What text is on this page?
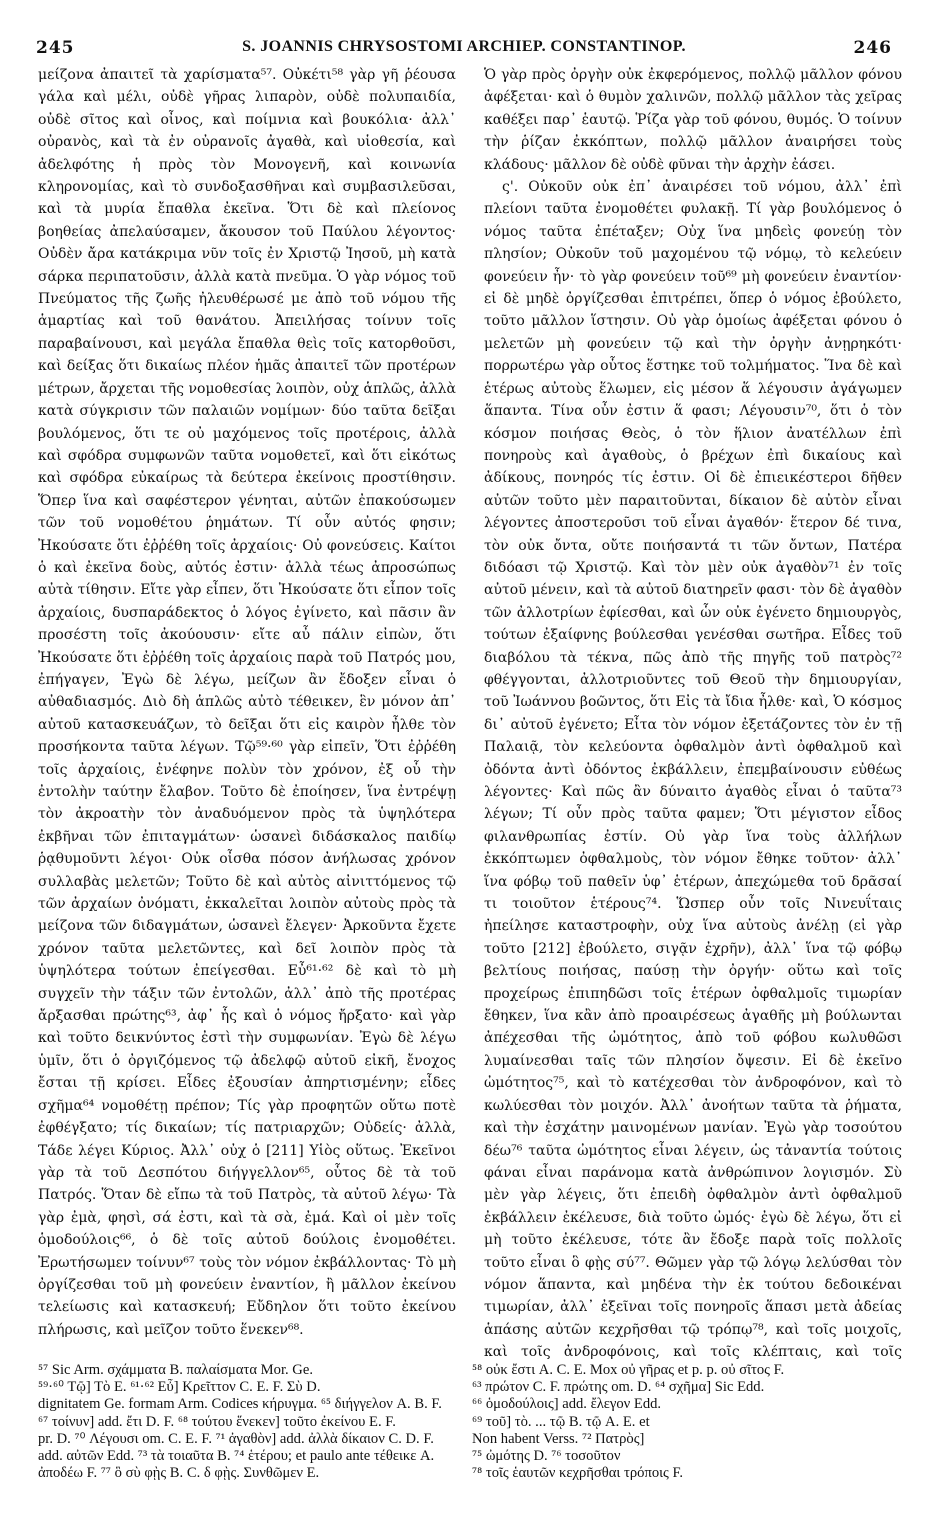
245	S. JOANNIS CHRYSOSTOMI ARCHIEP. CONSTANTINOP.	246

μείζονα ἀπαιτεῖ τὰ χαρίσματα⁵⁷. Οὐκέτι⁵⁸ γὰρ γῆ ῥέουσα γάλα καὶ μέλι, οὐδὲ γῆρας λιπαρὸν, οὐδὲ πολυπαιδία, οὐδὲ σῖτος καὶ οἶνος, καὶ ποίμνια καὶ βουκόλια· ἀλλ᾽ οὐρανὸς, καὶ τὰ ἐν οὐρανοῖς ἀγαθὰ, καὶ υἱοθεσία, καὶ ἀδελφότης ἡ πρὸς τὸν Μονογενῆ, καὶ κοινωνία κληρονομίας, καὶ τὸ συνδοξασθῆναι καὶ συμβασιλεῦσαι, καὶ τὰ μυρία ἔπαθλα ἐκεῖνα. Ὅτι δὲ καὶ πλείονος βοηθείας ἀπελαύσαμεν, ἄκουσον τοῦ Παύλου λέγοντος· Οὐδὲν ἄρα κατάκριμα νῦν τοῖς ἐν Χριστῷ Ἰησοῦ, μὴ κατὰ σάρκα περιπατοῦσιν, ἀλλὰ κατὰ πνεῦμα. Ὁ γὰρ νόμος τοῦ Πνεύματος τῆς ζωῆς ἠλευθέρωσέ με ἀπὸ τοῦ νόμου τῆς ἁμαρτίας καὶ τοῦ θανάτου. Ἀπειλήσας τοίνυν τοῖς παραβαίνουσι, καὶ μεγάλα ἔπαθλα θεὶς τοῖς κατορθοῦσι, καὶ δείξας ὅτι δικαίως πλέον ἡμᾶς ἀπαιτεῖ τῶν προτέρων μέτρων, ἄρχεται τῆς νομοθεσίας λοιπὸν, οὐχ ἁπλῶς, ἀλλὰ κατὰ σύγκρισιν τῶν παλαιῶν νομίμων· δύο ταῦτα δεῖξαι βουλόμενος, ὅτι τε οὐ μαχόμενος τοῖς προτέροις, ἀλλὰ καὶ σφόδρα συμφωνῶν ταῦτα νομοθετεῖ, καὶ ὅτι εἰκότως καὶ σφόδρα εὐκαίρως τὰ δεύτερα ἐκείνοις προστίθησιν. Ὅπερ ἵνα καὶ σαφέστερον γένηται, αὐτῶν ἐπακούσωμεν τῶν τοῦ νομοθέτου ῥημάτων. Τί οὖν αὐτός φησιν; Ἠκούσατε ὅτι ἐῤῥέθη τοῖς ἀρχαίοις· Οὐ φονεύσεις. Καίτοι ὁ καὶ ἐκεῖνα δοὺς, αὐτός ἐστιν· ἀλλὰ τέως ἀπροσώπως αὐτὰ τίθησιν. Εἴτε γὰρ εἶπεν, ὅτι Ἠκούσατε ὅτι εἶπον τοῖς ἀρχαίοις, δυσπαράδεκτος ὁ λόγος ἐγίνετο, καὶ πᾶσιν ἂν προσέστη τοῖς ἀκούουσιν· εἴτε αὖ πάλιν εἰπὼν, ὅτι Ἠκούσατε ὅτι ἐῤῥέθη τοῖς ἀρχαίοις παρὰ τοῦ Πατρός μου, ἐπήγαγεν, Ἐγὼ δὲ λέγω, μείζων ἂν ἔδοξεν εἶναι ὁ αὐθαδιασμός. Διὸ δὴ ἁπλῶς αὐτὸ τέθεικεν, ἓν μόνον ἀπ᾽ αὐτοῦ κατασκευάζων, τὸ δεῖξαι ὅτι εἰς καιρὸν ἦλθε τὸν προσήκοντα ταῦτα λέγων. Τῷ⁵⁹·⁶⁰ γὰρ εἰπεῖν, Ὅτι ἐῤῥέθη τοῖς ἀρχαίοις, ἐνέφηνε πολὺν τὸν χρόνον, ἐξ οὗ τὴν ἐντολὴν ταύτην ἔλαβον. Τοῦτο δὲ ἐποίησεν, ἵνα ἐντρέψῃ τὸν ἀκροατὴν τὸν ἀναδυόμενον πρὸς τὰ ὑψηλότερα ἐκβῆναι τῶν ἐπιταγμάτων· ὡσανεὶ διδάσκαλος παιδίῳ ῥᾳθυμοῦντι λέγοι· Οὐκ οἶσθα πόσον ἀνήλωσας χρόνον συλλαβὰς μελετῶν; Τοῦτο δὲ καὶ αὐτὸς αἰνιττόμενος τῷ τῶν ἀρχαίων ὀνόματι, ἐκκαλεῖται λοιπὸν αὐτοὺς πρὸς τὰ μείζονα τῶν διδαγμάτων, ὡσανεὶ ἔλεγεν· Ἀρκοῦντα ἔχετε χρόνον ταῦτα μελετῶντες, καὶ δεῖ λοιπὸν πρὸς τὰ ὑψηλότερα τούτων ἐπείγεσθαι. Εὖ⁶¹·⁶² δὲ καὶ τὸ μὴ συγχεῖν τὴν τάξιν τῶν ἐντολῶν, ἀλλ᾽ ἀπὸ τῆς προτέρας ἄρξασθαι πρώτης⁶³, ἀφ᾽ ἧς καὶ ὁ νόμος ἤρξατο· καὶ γὰρ καὶ τοῦτο δεικνύντος ἐστὶ τὴν συμφωνίαν. Ἐγὼ δὲ λέγω ὑμῖν, ὅτι ὁ ὀργιζόμενος τῷ ἀδελφῷ αὐτοῦ εἰκῆ, ἔνοχος ἔσται τῇ κρίσει. Εἶδες ἐξουσίαν ἀπηρτισμένην; εἶδες σχῆμα⁶⁴ νομοθέτῃ πρέπον; Τίς γὰρ προφητῶν οὕτω ποτὲ ἐφθέγξατο; τίς δικαίων; τίς πατριαρχῶν; Οὐδείς· ἀλλὰ, Τάδε λέγει Κύριος. Ἀλλ᾽ οὐχ ὁ [211] Υἱὸς οὕτως. Ἐκεῖνοι γὰρ τὰ τοῦ Δεσπότου διήγγελλον⁶⁵, οὗτος δὲ τὰ τοῦ Πατρός. Ὅταν δὲ εἴπω τὰ τοῦ Πατρὸς, τὰ αὐτοῦ λέγω· Τὰ γὰρ ἐμὰ, φησὶ, σά ἐστι, καὶ τὰ σὰ, ἐμά. Καὶ οἱ μὲν τοῖς ὁμοδούλοις⁶⁶, ὁ δὲ τοῖς αὐτοῦ δούλοις ἐνομοθέτει. Ἐρωτήσωμεν τοίνυν⁶⁷ τοὺς τὸν νόμον ἐκβάλλοντας· Τὸ μὴ ὀργίζεσθαι τοῦ μὴ φονεύειν ἐναντίον, ἢ μᾶλλον ἐκείνου τελείωσις καὶ κατασκευή; Εὔδηλον ὅτι τοῦτο ἐκείνου πλήρωσις, καὶ μεῖζον τοῦτο ἕνεκεν⁶⁸.

Ὁ γὰρ πρὸς ὀργὴν οὐκ ἐκφερόμενος, πολλῷ μᾶλλον φόνου ἀφέξεται· καὶ ὁ θυμὸν χαλινῶν, πολλῷ μᾶλλον τὰς χεῖρας καθέξει παρ᾽ ἑαυτῷ. Ῥίζα γὰρ τοῦ φόνου, θυμός. Ὁ τοίνυν τὴν ῥίζαν ἐκκόπτων, πολλῷ μᾶλλον ἀναιρήσει τοὺς κλάδους· μᾶλλον δὲ οὐδὲ φῦναι τὴν ἀρχὴν ἐάσει.

ς'. Οὐκοῦν οὐκ ἐπ᾽ ἀναιρέσει τοῦ νόμου, ἀλλ᾽ ἐπὶ πλείονι ταῦτα ἐνομοθέτει φυλακῇ. Τί γὰρ βουλόμενος ὁ νόμος ταῦτα ἐπέταξεν; Οὐχ ἵνα μηδεὶς φονεύῃ τὸν πλησίον; Οὐκοῦν τοῦ μαχομένου τῷ νόμῳ, τὸ κελεύειν φονεύειν ἦν· τὸ γὰρ φονεύειν τοῦ⁶⁹ μὴ φονεύειν ἐναντίον· εἰ δὲ μηδὲ ὀργίζεσθαι ἐπιτρέπει, ὅπερ ὁ νόμος ἐβούλετο, τοῦτο μᾶλλον ἵστησιν. Οὐ γὰρ ὁμοίως ἀφέξεται φόνου ὁ μελετῶν μὴ φονεύειν τῷ καὶ τὴν ὀργὴν ἀνῃρηκότι· πορρωτέρω γὰρ οὗτος ἕστηκε τοῦ τολμήματος. Ἵνα δὲ καὶ ἑτέρως αὐτοὺς ἕλωμεν, εἰς μέσον ἅ λέγουσιν ἀγάγωμεν ἅπαντα. Τίνα οὖν ἐστιν ἅ φασι; Λέγουσιν⁷⁰, ὅτι ὁ τὸν κόσμον ποιήσας Θεὸς, ὁ τὸν ἥλιον ἀνατέλλων ἐπὶ πονηροὺς καὶ ἀγαθοὺς, ὁ βρέχων ἐπὶ δικαίους καὶ ἀδίκους, πονηρός τίς ἐστιν. Οἱ δὲ ἐπιεικέστεροι δῆθεν αὐτῶν τοῦτο μὲν παραιτοῦνται, δίκαιον δὲ αὐτὸν εἶναι λέγοντες ἀποστεροῦσι τοῦ εἶναι ἀγαθόν· ἕτερον δέ τινα, τὸν οὐκ ὄντα, οὔτε ποιήσαντά τι τῶν ὄντων, Πατέρα διδόασι τῷ Χριστῷ. Καὶ τὸν μὲν οὐκ ἀγαθὸν⁷¹ ἐν τοῖς αὐτοῦ μένειν, καὶ τὰ αὐτοῦ διατηρεῖν φασι· τὸν δὲ ἀγαθὸν τῶν ἀλλοτρίων ἐφίεσθαι, καὶ ὧν οὐκ ἐγένετο δημιουργὸς, τούτων ἐξαίφνης βούλεσθαι γενέσθαι σωτῆρα. Εἶδες τοῦ διαβόλου τὰ τέκνα, πῶς ἀπὸ τῆς πηγῆς τοῦ πατρὸς⁷² φθέγγονται, ἀλλοτριοῦντες τοῦ Θεοῦ τὴν δημιουργίαν, τοῦ Ἰωάννου βοῶντος, ὅτι Εἰς τὰ ἴδια ἦλθε· καὶ, Ὁ κόσμος δι᾽ αὐτοῦ ἐγένετο; Εἶτα τὸν νόμον ἐξετάζοντες τὸν ἐν τῇ Παλαιᾷ, τὸν κελεύοντα ὀφθαλμὸν ἀντὶ ὀφθαλμοῦ καὶ ὀδόντα ἀντὶ ὀδόντος ἐκβάλλειν, ἐπεμβαίνουσιν εὐθέως λέγοντες· Καὶ πῶς ἂν δύναιτο ἀγαθὸς εἶναι ὁ ταῦτα⁷³ λέγων; Τί οὖν πρὸς ταῦτα φαμεν; Ὅτι μέγιστον εἶδος φιλανθρωπίας ἐστίν. Οὐ γὰρ ἵνα τοὺς ἀλλήλων ἐκκόπτωμεν ὀφθαλμοὺς, τὸν νόμον ἔθηκε τοῦτον· ἀλλ᾽ ἵνα φόβῳ τοῦ παθεῖν ὑφ᾽ ἑτέρων, ἀπεχώμεθα τοῦ δρᾶσαί τι τοιοῦτον ἑτέρους⁷⁴. Ὥσπερ οὖν τοῖς Νινευΐταις ἠπείλησε καταστροφὴν, οὐχ ἵνα αὐτοὺς ἀνέλῃ (εἰ γὰρ τοῦτο [212] ἐβούλετο, σιγᾷν ἐχρῆν), ἀλλ᾽ ἵνα τῷ φόβῳ βελτίους ποιήσας, παύσῃ τὴν ὀργήν· οὕτω καὶ τοῖς προχείρως ἐπιπηδῶσι τοῖς ἑτέρων ὀφθαλμοῖς τιμωρίαν ἔθηκεν, ἵνα κἂν ἀπὸ προαιρέσεως ἀγαθῆς μὴ βούλωνται ἀπέχεσθαι τῆς ὠμότητος, ἀπὸ τοῦ φόβου κωλυθῶσι λυμαίνεσθαι ταῖς τῶν πλησίον ὄψεσιν. Εἰ δὲ ἐκεῖνο ὠμότητος⁷⁵, καὶ τὸ κατέχεσθαι τὸν ἀνδροφόνον, καὶ τὸ κωλύεσθαι τὸν μοιχόν. Ἀλλ᾽ ἀνοήτων ταῦτα τὰ ῥήματα, καὶ τὴν ἐσχάτην μαινομένων μανίαν. Ἐγὼ γὰρ τοσούτου δέω⁷⁶ ταῦτα ὠμότητος εἶναι λέγειν, ὡς τἀναντία τούτοις φάναι εἶναι παράνομα κατὰ ἀνθρώπινον λογισμόν. Σὺ μὲν γὰρ λέγεις, ὅτι ἐπειδὴ ὀφθαλμὸν ἀντὶ ὀφθαλμοῦ ἐκβάλλειν ἐκέλευσε, διὰ τοῦτο ὠμός· ἐγὼ δὲ λέγω, ὅτι εἰ μὴ τοῦτο ἐκέλευσε, τότε ἂν ἔδοξε παρὰ τοῖς πολλοῖς τοῦτο εἶναι ὃ φῂς σύ⁷⁷. Θῶμεν γὰρ τῷ λόγῳ λελύσθαι τὸν νόμον ἅπαντα, καὶ μηδένα τὴν ἐκ τούτου δεδοικέναι τιμωρίαν, ἀλλ᾽ ἐξεῖναι τοῖς πονηροῖς ἅπασι μετὰ ἀδείας ἁπάσης αὐτῶν κεχρῆσθαι τῷ τρόπῳ⁷⁸, καὶ τοῖς μοιχοῖς, καὶ τοῖς ἀνδροφόνοις, καὶ τοῖς κλέπταις, καὶ τοῖς

⁵⁷ Sic Arm. σχάμματα B. παλαίσματα Mor. Ge.	⁵⁸ οὐκ ἔστι A. C. E. Mox οὐ γῆρας et p. p. οὐ σῖτος F.
⁵⁹·⁶⁰ Τῷ] Τὸ E. ⁶¹·⁶² Εὖ] Κρεῖττον C. E. F. Σὺ D.	⁶³ πρώτον C. F. πρώτης om. D. ⁶⁴ σχῆμα] Sic Edd.
dignitatem Ge. formam Arm. Codices κήρυγμα. ⁶⁵ διήγγελον A. B. F.	⁶⁶ ὁμοδούλοις] add. ἔλεγον Edd.
⁶⁷ τοίνυν] add. ἔτι D. F. ⁶⁸ τούτου ἕνεκεν] τοῦτο ἐκείνου E. F.	⁶⁹ τοῦ] τὸ. ... τῷ B. τῷ A. E. et
pr. D. ⁷⁰ Λέγουσι om. C. E. F. ⁷¹ ἀγαθὸν] add. ἀλλὰ δίκαιον C. D. F.	Non habent Verss. ⁷² Πατρὸς]
add. αὐτῶν Edd. ⁷³ τὰ τοιαῦτα B. ⁷⁴ ἑτέρου; et paulo ante τέθεικε A.	⁷⁵ ὠμότης D. ⁷⁶ τοσοῦτον
ἀποδέω F. ⁷⁷ ὃ σὺ φῂς B. C. δ φῂς. Συνθῶμεν E.	⁷⁸ τοῖς ἑαυτῶν κεχρῆσθαι τρόποις F.
